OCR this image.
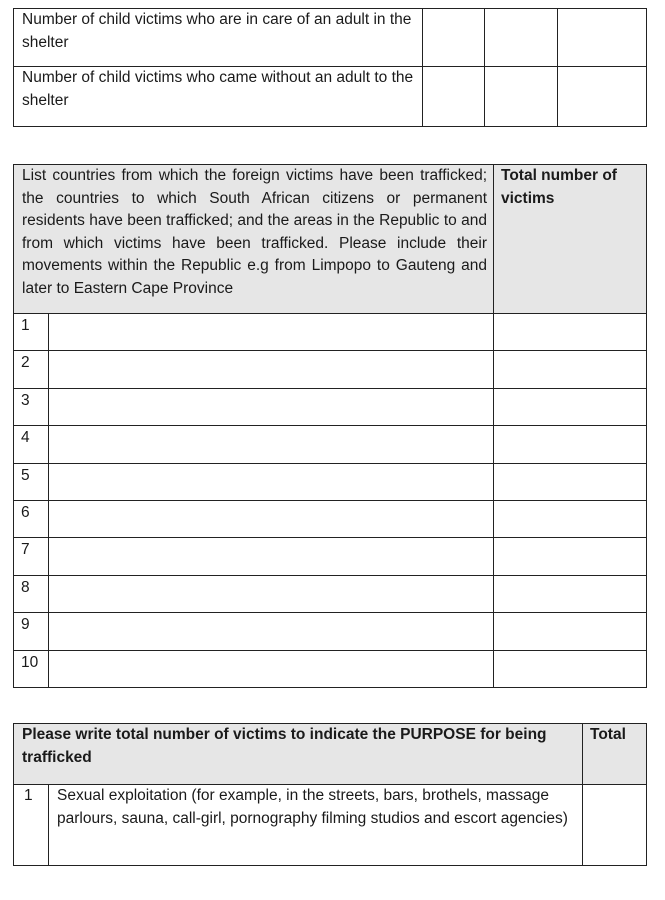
Number of child victims who are in care of an adult in the shelter			
Number of child victims who came without an adult to the shelter			
List countries from which the foreign victims have been trafficked; the countries to which South African citizens or permanent residents have been trafficked; and the areas in the Republic to and from which victims have been trafficked. Please include their movements within the Republic e.g from Limpopo to Gauteng and later to Eastern Cape Province		Total number of victims
1		
2		
3		
4		
5		
6		
7		
8		
9		
10		
Please write total number of victims to indicate the PURPOSE for being trafficked		Total
1	Sexual exploitation (for example, in the streets, bars, brothels, massage parlours, sauna, call-girl, pornography filming studios and escort agencies)	
